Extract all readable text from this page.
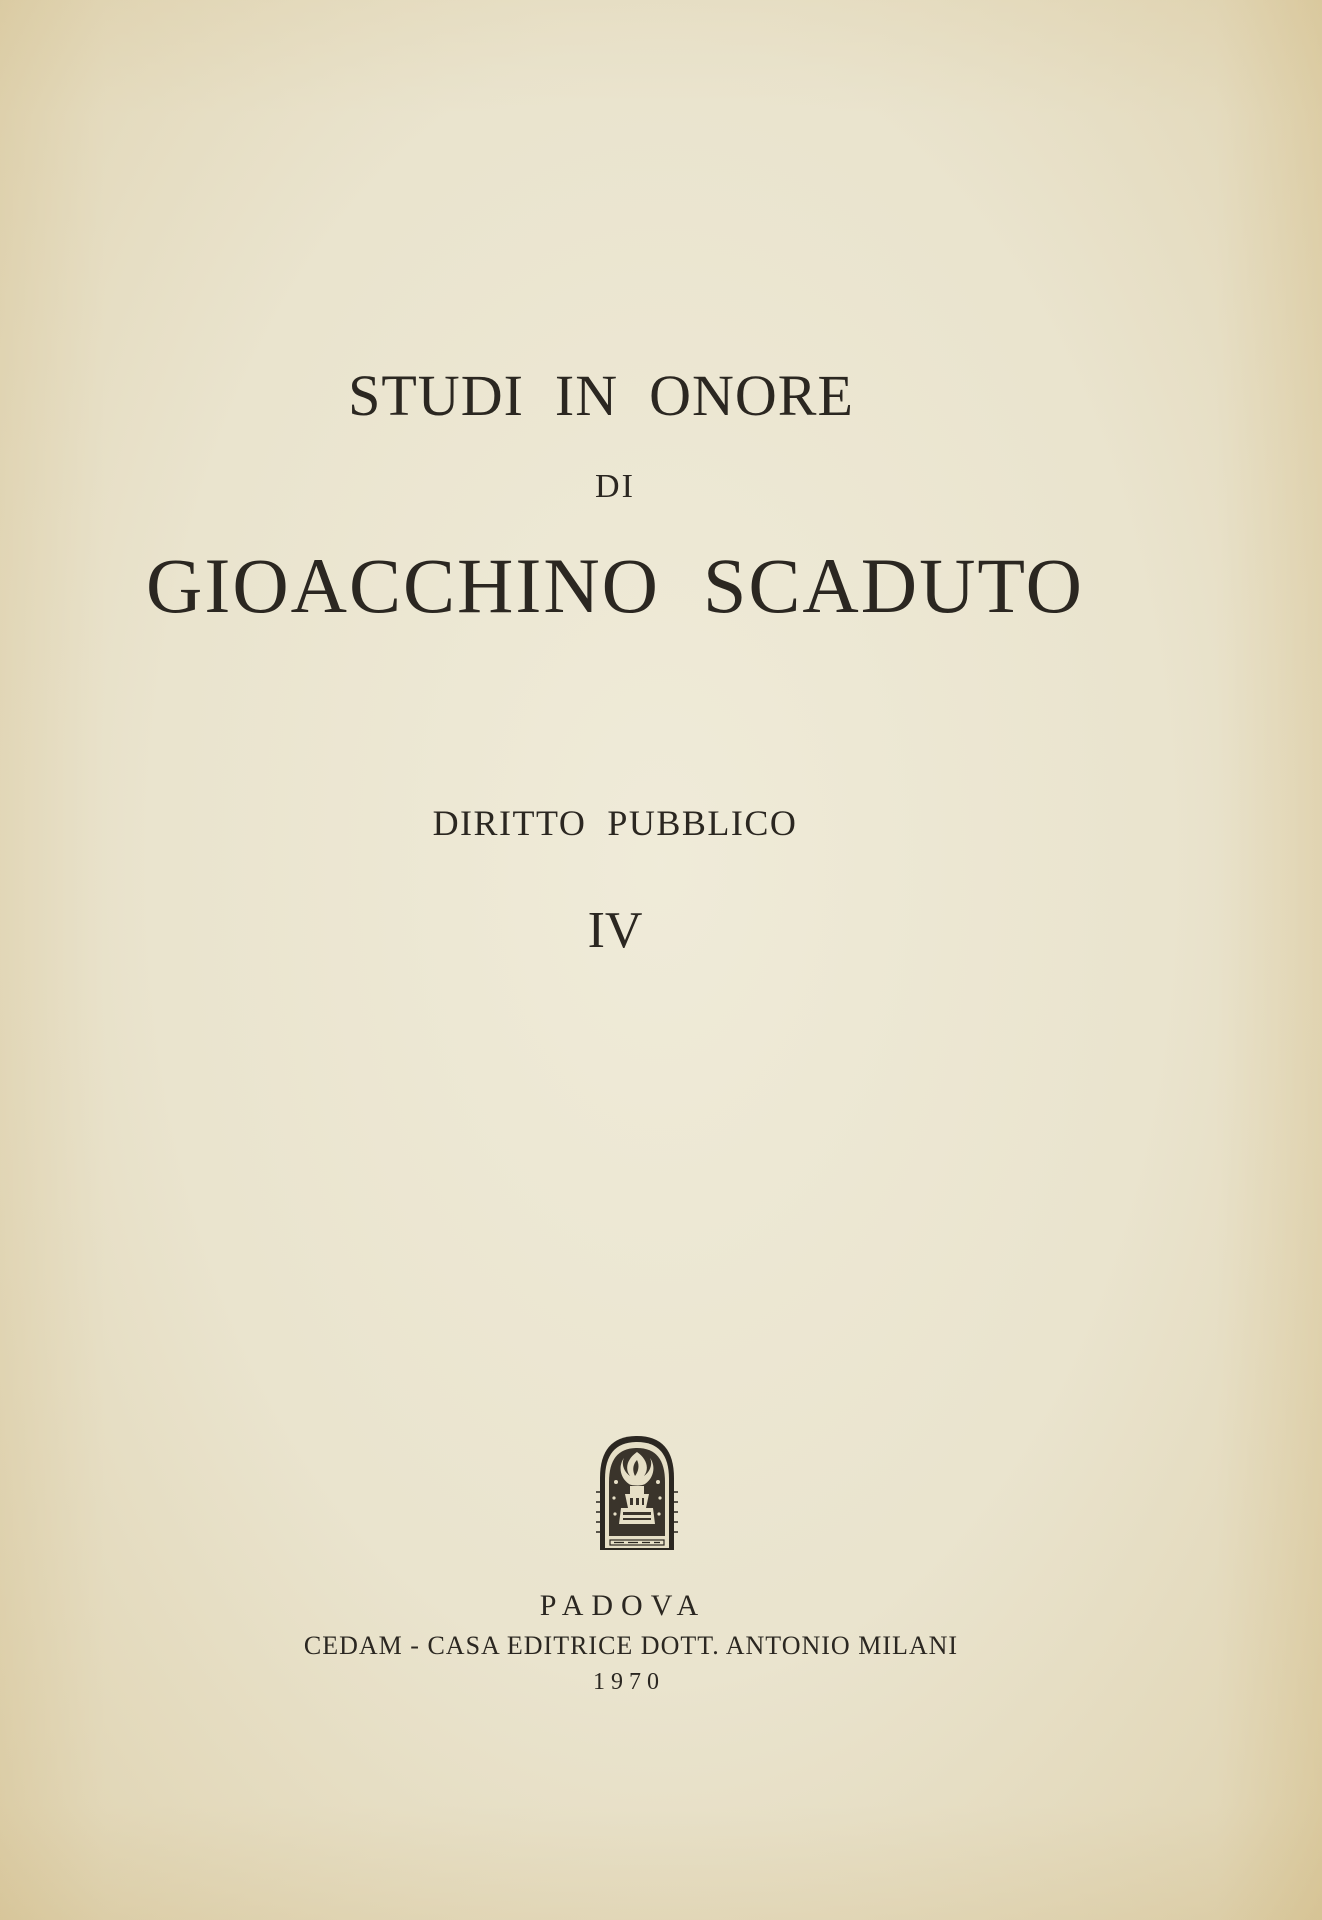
STUDI  IN  ONORE
DI
GIOACCHINO  SCADUTO
DIRITTO  PUBBLICO
IV
PADOVA
CEDAM - CASA EDITRICE DOTT. ANTONIO MILANI
1970
